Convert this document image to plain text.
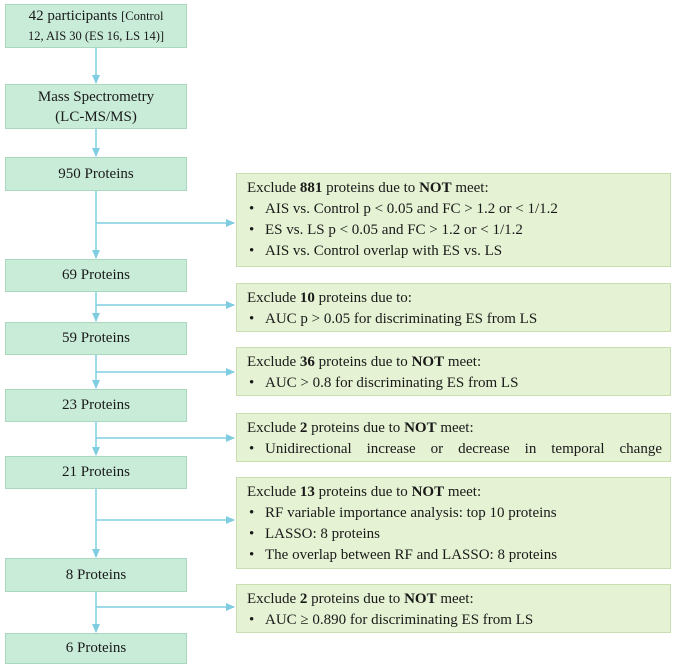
42 participants [Control
12, AIS 30 (ES 16, LS 14)]
Mass Spectrometry
(LC-MS/MS)
950 Proteins
69 Proteins
59 Proteins
23 Proteins
21 Proteins
8 Proteins
6 Proteins
Exclude 881 proteins due to NOT meet:
• AIS vs. Control p < 0.05 and FC > 1.2 or < 1/1.2
• ES vs. LS p < 0.05 and FC > 1.2 or < 1/1.2
• AIS vs. Control overlap with ES vs. LS
Exclude 10 proteins due to:
• AUC p > 0.05 for discriminating ES from LS
Exclude 36 proteins due to NOT meet:
• AUC > 0.8 for discriminating ES from LS
Exclude 2 proteins due to NOT meet:
• Unidirectional increase or decrease in temporal change
Exclude 13 proteins due to NOT meet:
• RF variable importance analysis: top 10 proteins
• LASSO: 8 proteins
• The overlap between RF and LASSO: 8 proteins
Exclude 2 proteins due to NOT meet:
• AUC ≥ 0.890 for discriminating ES from LS
